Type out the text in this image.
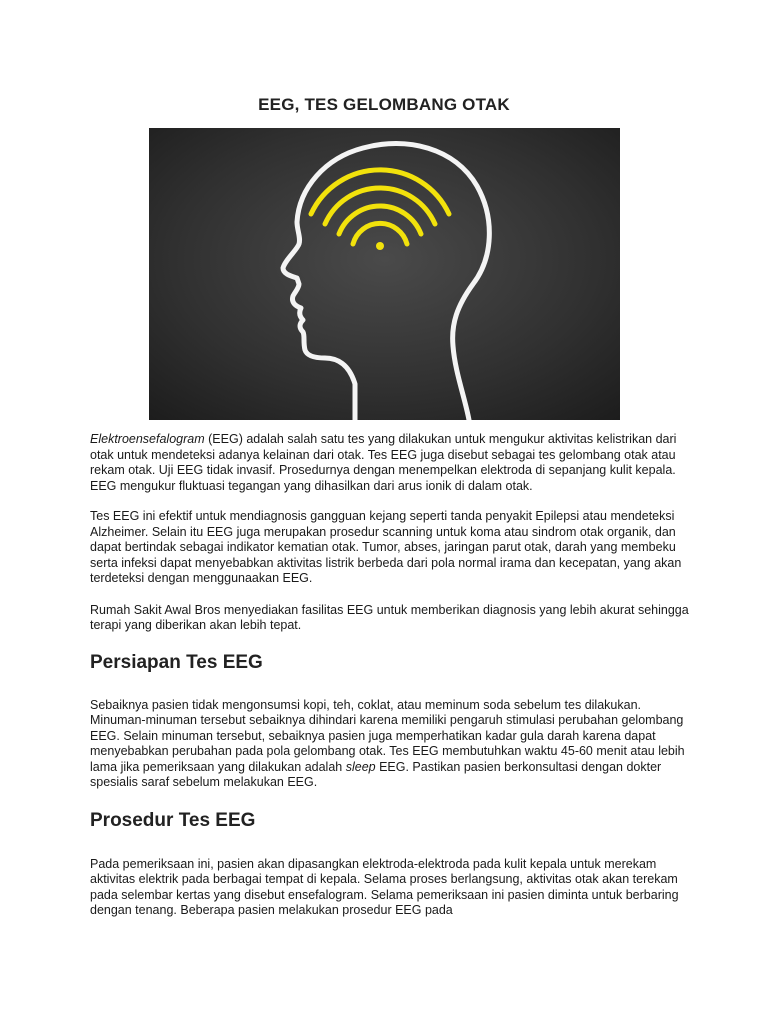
EEG, TES GELOMBANG OTAK

Elektroensefalogram (EEG) adalah salah satu tes yang dilakukan untuk mengukur aktivitas kelistrikan dari otak untuk mendeteksi adanya kelainan dari otak. Tes EEG juga disebut sebagai tes gelombang otak atau rekam otak. Uji EEG tidak invasif. Prosedurnya dengan menempelkan elektroda di sepanjang kulit kepala. EEG mengukur fluktuasi tegangan yang dihasilkan dari arus ionik di dalam otak.

Tes EEG ini efektif untuk mendiagnosis gangguan kejang seperti tanda penyakit Epilepsi atau mendeteksi Alzheimer. Selain itu EEG juga merupakan prosedur scanning untuk koma atau sindrom otak organik, dan dapat bertindak sebagai indikator kematian otak. Tumor, abses, jaringan parut otak, darah yang membeku serta infeksi dapat menyebabkan aktivitas listrik berbeda dari pola normal irama dan kecepatan, yang akan terdeteksi dengan menggunaakan EEG.

Rumah Sakit Awal Bros menyediakan fasilitas EEG untuk memberikan diagnosis yang lebih akurat sehingga terapi yang diberikan akan lebih tepat.

Persiapan Tes EEG

Sebaiknya pasien tidak mengonsumsi kopi, teh, coklat, atau meminum soda sebelum tes dilakukan. Minuman-minuman tersebut sebaiknya dihindari karena memiliki pengaruh stimulasi perubahan gelombang EEG. Selain minuman tersebut, sebaiknya pasien juga memperhatikan kadar gula darah karena dapat menyebabkan perubahan pada pola gelombang otak. Tes EEG membutuhkan waktu 45-60 menit atau lebih lama jika pemeriksaan yang dilakukan adalah sleep EEG. Pastikan pasien berkonsultasi dengan dokter spesialis saraf sebelum melakukan EEG.

Prosedur Tes EEG

Pada pemeriksaan ini, pasien akan dipasangkan elektroda-elektroda pada kulit kepala untuk merekam aktivitas elektrik pada berbagai tempat di kepala. Selama proses berlangsung, aktivitas otak akan terekam pada selembar kertas yang disebut ensefalogram. Selama pemeriksaan ini pasien diminta untuk berbaring dengan tenang. Beberapa pasien melakukan prosedur EEG pada
